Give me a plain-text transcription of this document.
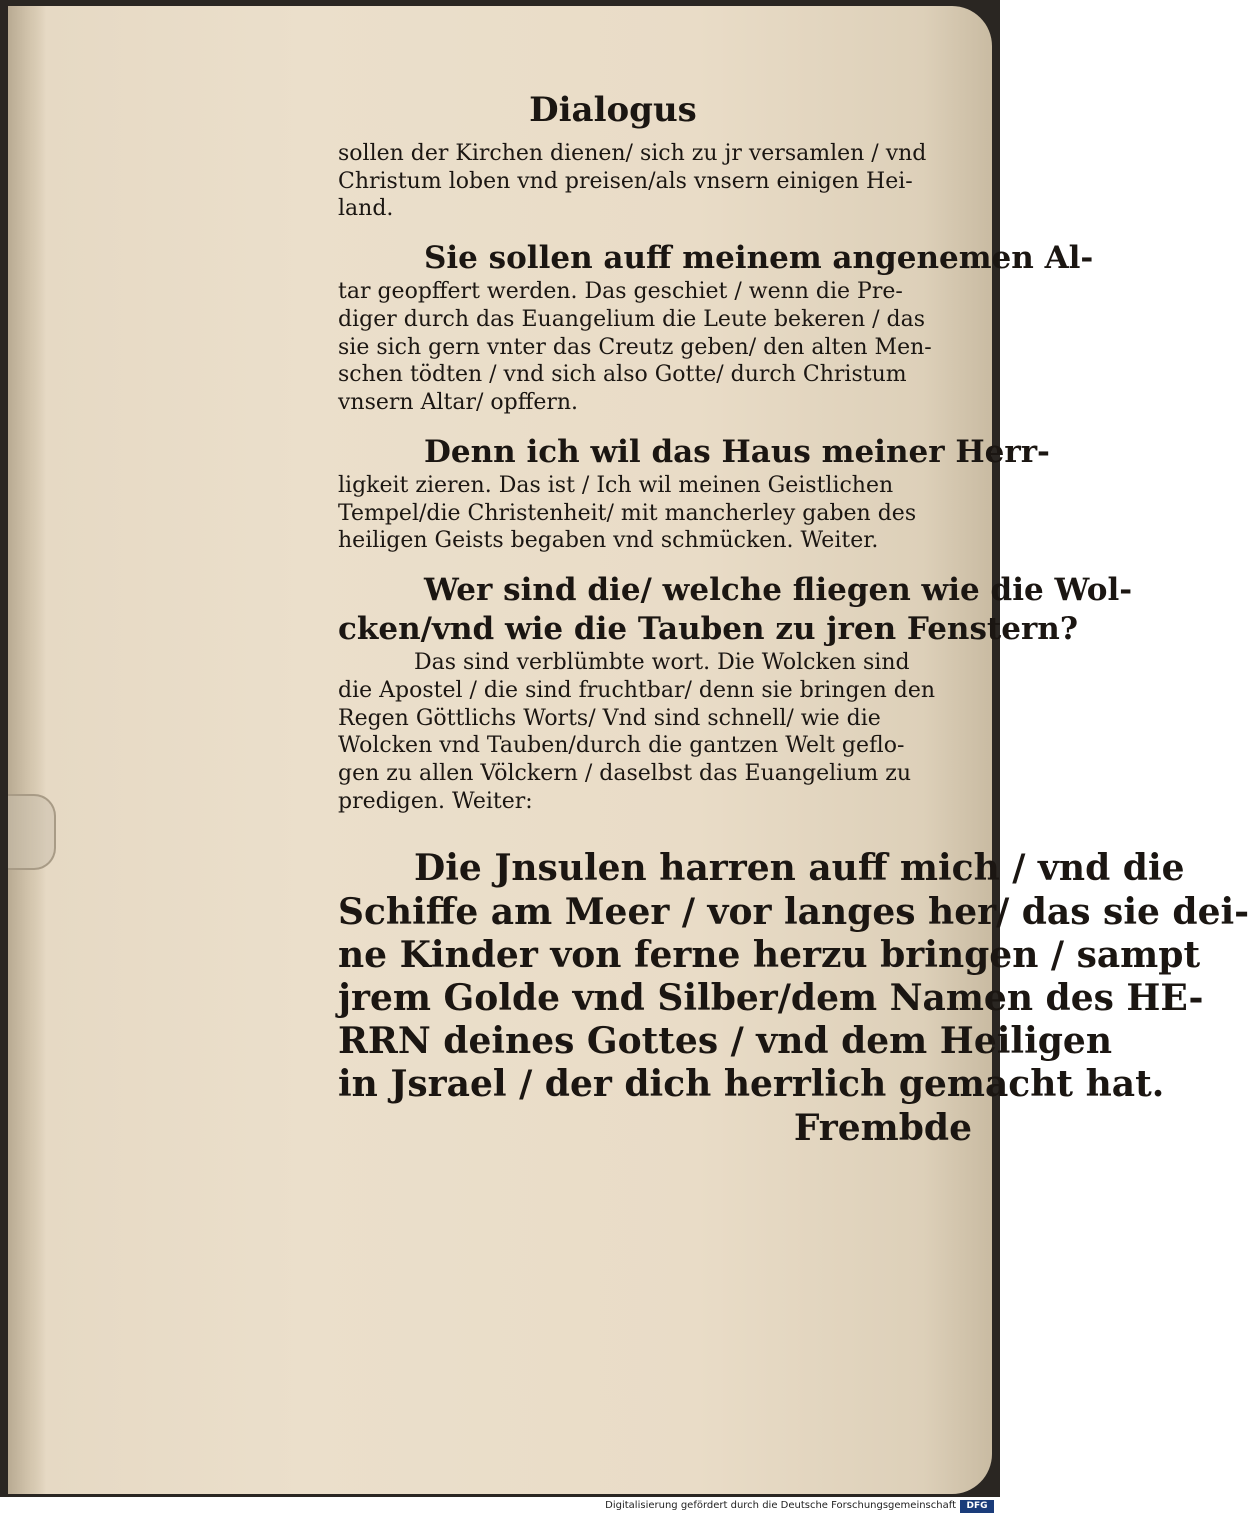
Dialogus
sollen der Kirchen dienen/ sich zu jr versamlen / vnd
Christum loben vnd preisen/als vnsern einigen Hei-
land.
Sie sollen auff meinem angenemen Al-
tar geopffert werden. Das geschiet / wenn die Pre-
diger durch das Euangelium die Leute bekeren / das
sie sich gern vnter das Creutz geben/ den alten Men-
schen tödten / vnd sich also Gotte/ durch Christum
vnsern Altar/ opffern.
Denn ich wil das Haus meiner Herr-
ligkeit zieren. Das ist / Ich wil meinen Geistlichen
Tempel/die Christenheit/ mit mancherley gaben des
heiligen Geists begaben vnd schmücken. Weiter.
Wer sind die/ welche fliegen wie die Wol-
cken/vnd wie die Tauben zu jren Fenstern?
Das sind verblümbte wort. Die Wolcken sind
die Apostel / die sind fruchtbar/ denn sie bringen den
Regen Göttlichs Worts/ Vnd sind schnell/ wie die
Wolcken vnd Tauben/durch die gantzen Welt geflo-
gen zu allen Völckern / daselbst das Euangelium zu
predigen. Weiter:
Die Jnsulen harren auff mich / vnd die
Schiffe am Meer / vor langes her/ das sie dei-
ne Kinder von ferne herzu bringen / sampt
jrem Golde vnd Silber/dem Namen des HE-
RRN deines Gottes / vnd dem Heiligen
in Jsrael / der dich herrlich gemacht hat.
Frembde
Digitalisierung gefördert durch die Deutsche Forschungsgemeinschaft	DFG
